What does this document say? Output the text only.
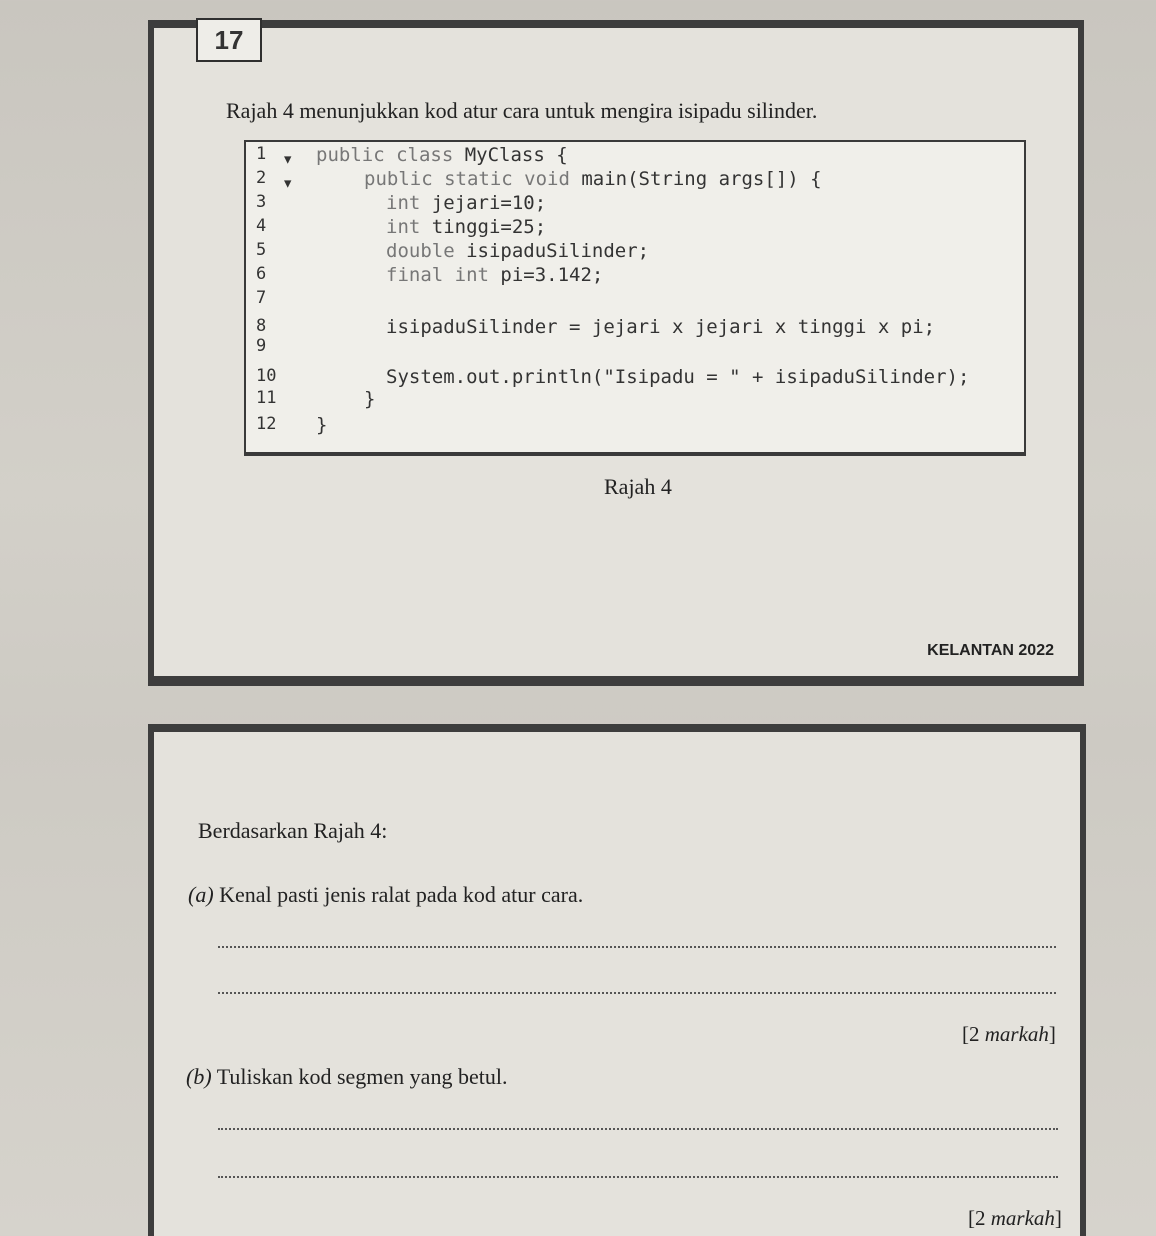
17
Rajah 4 menunjukkan kod atur cara untuk mengira isipadu silinder.
1 ▾ public class MyClass {
2 ▾	public static void main(String args[]) {
3	int jejari=10;
4	int tinggi=25;
5	double isipaduSilinder;
6	final int pi=3.142;
7
8	isipaduSilinder = jejari x jejari x tinggi x pi;
9
10	System.out.println("Isipadu = " + isipaduSilinder);
11	}
12	}
Rajah 4
KELANTAN 2022
Berdasarkan Rajah 4:
(a) Kenal pasti jenis ralat pada kod atur cara.
[2 markah]
(b) Tuliskan kod segmen yang betul.
[2 markah]
